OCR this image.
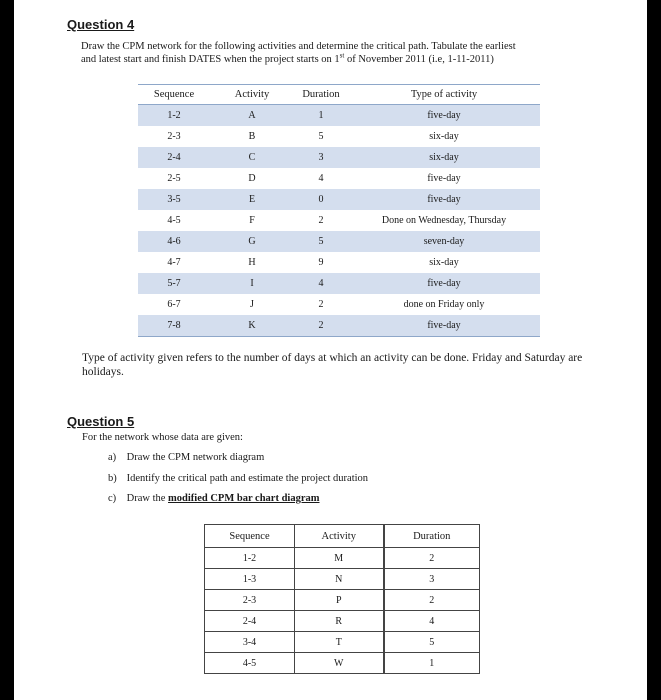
Question 4
Draw the CPM network for the following activities and determine the critical path. Tabulate the earliest
and latest start and finish DATES when the project starts on 1st of November 2011 (i.e, 1-11-2011)
Sequence	Activity	Duration	Type of activity
1-2	A	1	five-day
2-3	B	5	six-day
2-4	C	3	six-day
2-5	D	4	five-day
3-5	E	0	five-day
4-5	F	2	Done on Wednesday, Thursday
4-6	G	5	seven-day
4-7	H	9	six-day
5-7	I	4	five-day
6-7	J	2	done on Friday only
7-8	K	2	five-day
Type of activity given refers to the number of days at which an activity can be done. Friday and Saturday are holidays.
Question 5
For the network whose data are given:
a) Draw the CPM network diagram
b) Identify the critical path and estimate the project duration
c) Draw the modified CPM bar chart diagram
Sequence	Activity	Duration
1-2	M	2
1-3	N	3
2-3	P	2
2-4	R	4
3-4	T	5
4-5	W	1
